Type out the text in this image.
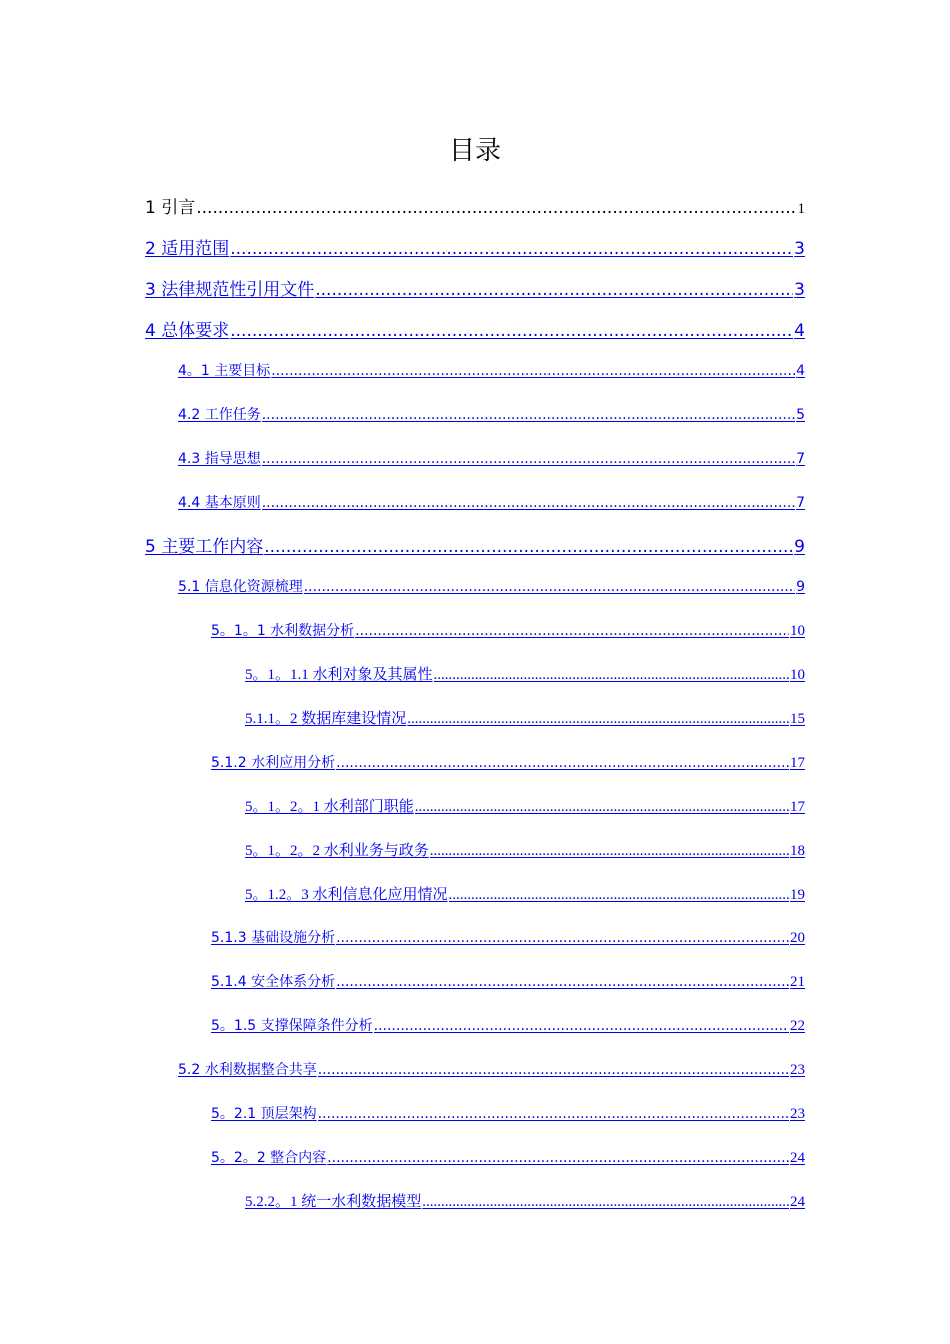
目录
1 引言 .....	1
2 适用范围 .....	3
3 法律规范性引用文件 .....	3
4 总体要求 .....	4
4。1 主要目标 .....	4
4.2 工作任务 .....	5
4.3 指导思想 .....	7
4.4 基本原则 .....	7
5 主要工作内容 .....	9
5.1 信息化资源梳理 .....	9
5。1。1 水利数据分析 .....	10
5。1。1.1 水利对象及其属性 .....	10
5.1.1。2 数据库建设情况 .....	15
5.1.2 水利应用分析 .....	17
5。1。2。1 水利部门职能 .....	17
5。1。2。2 水利业务与政务 .....	18
5。1.2。3 水利信息化应用情况 .....	19
5.1.3 基础设施分析 .....	20
5.1.4 安全体系分析 .....	21
5。1.5 支撑保障条件分析 .....	22
5.2 水利数据整合共享 .....	23
5。2.1 顶层架构 .....	23
5。2。2 整合内容 .....	24
5.2.2。1 统一水利数据模型 .....	24
